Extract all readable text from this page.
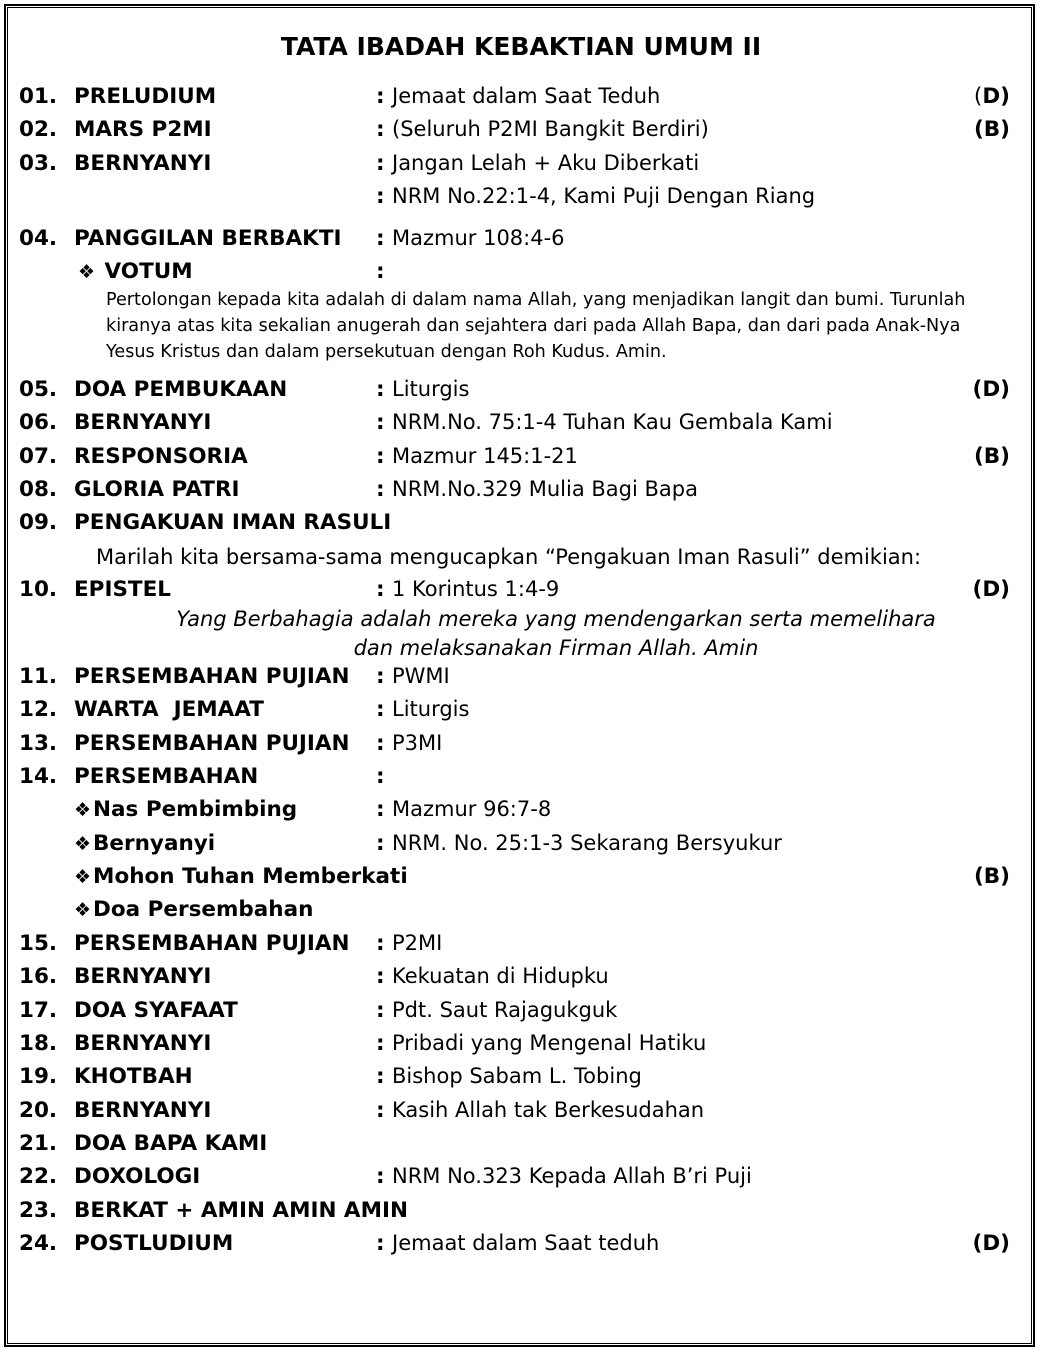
TATA IBADAH KEBAKTIAN UMUM II
01. PRELUDIUM	: Jemaat dalam Saat Teduh	(D)
02. MARS P2MI	: (Seluruh P2MI Bangkit Berdiri)	(B)
03. BERNYANYI	: Jangan Lelah + Aku Diberkati
: NRM No.22:1-4, Kami Puji Dengan Riang
04. PANGGILAN BERBAKTI : Mazmur 108:4-6
❖ VOTUM	:
Pertolongan kepada kita adalah di dalam nama Allah, yang menjadikan langit dan bumi. Turunlah
kiranya atas kita sekalian anugerah dan sejahtera dari pada Allah Bapa, dan dari pada Anak-Nya
Yesus Kristus dan dalam persekutuan dengan Roh Kudus. Amin.
05. DOA PEMBUKAAN	: Liturgis	(D)
06. BERNYANYI	: NRM.No. 75:1-4 Tuhan Kau Gembala Kami
07. RESPONSORIA	: Mazmur 145:1-21	(B)
08. GLORIA PATRI	: NRM.No.329 Mulia Bagi Bapa
09. PENGAKUAN IMAN RASULI
Marilah kita bersama-sama mengucapkan “Pengakuan Iman Rasuli” demikian:
10. EPISTEL	: 1 Korintus 1:4-9	(D)
Yang Berbahagia adalah mereka yang mendengarkan serta memelihara
dan melaksanakan Firman Allah. Amin
11. PERSEMBAHAN PUJIAN : PWMI
12. WARTA  JEMAAT	: Liturgis
13. PERSEMBAHAN PUJIAN : P3MI
14. PERSEMBAHAN	:
❖Nas Pembimbing	: Mazmur 96:7-8
❖Bernyanyi	: NRM. No. 25:1-3 Sekarang Bersyukur
❖Mohon Tuhan Memberkati	(B)
❖Doa Persembahan
15. PERSEMBAHAN PUJIAN : P2MI
16. BERNYANYI	: Kekuatan di Hidupku
17. DOA SYAFAAT	: Pdt. Saut Rajagukguk
18. BERNYANYI	: Pribadi yang Mengenal Hatiku
19. KHOTBAH	: Bishop Sabam L. Tobing
20. BERNYANYI	: Kasih Allah tak Berkesudahan
21. DOA BAPA KAMI
22. DOXOLOGI	: NRM No.323 Kepada Allah B’ri Puji
23. BERKAT + AMIN AMIN AMIN
24. POSTLUDIUM	: Jemaat dalam Saat teduh	(D)
